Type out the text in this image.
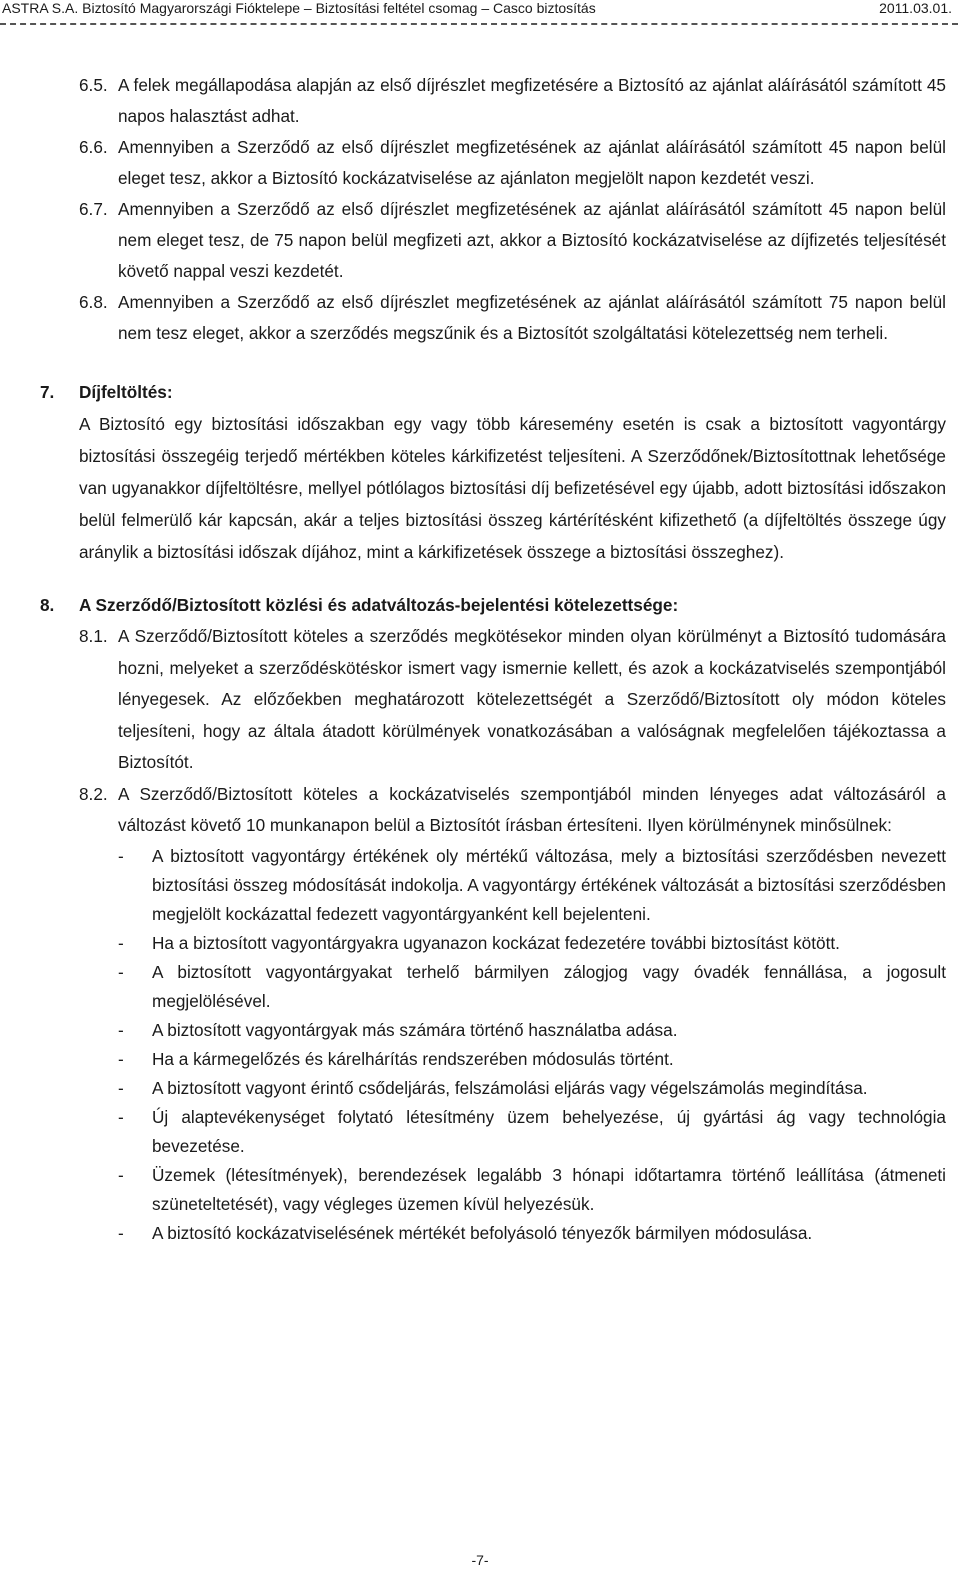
ASTRA S.A. Biztosító Magyarországi Fióktelepe – Biztosítási feltétel csomag – Casco biztosítás	2011.03.01.
6.5. A felek megállapodása alapján az első díjrészlet megfizetésére a Biztosító az ajánlat aláírásától számított 45 napos halasztást adhat.
6.6. Amennyiben a Szerződő az első díjrészlet megfizetésének az ajánlat aláírásától számított 45 napon belül eleget tesz, akkor a Biztosító kockázatviselése az ajánlaton megjelölt napon kezdetét veszi.
6.7. Amennyiben a Szerződő az első díjrészlet megfizetésének az ajánlat aláírásától számított 45 napon belül nem eleget tesz, de 75 napon belül megfizeti azt, akkor a Biztosító kockázatviselése az díjfizetés teljesítését követő nappal veszi kezdetét.
6.8. Amennyiben a Szerződő az első díjrészlet megfizetésének az ajánlat aláírásától számított 75 napon belül nem tesz eleget, akkor a szerződés megszűnik és a Biztosítót szolgáltatási kötelezettség nem terheli.
7. Díjfeltöltés:
A Biztosító egy biztosítási időszakban egy vagy több káresemény esetén is csak a biztosított vagyontárgy biztosítási összegéig terjedő mértékben köteles kárkifizetést teljesíteni. A Szerződőnek/Biztosítottnak lehetősége van ugyanakkor díjfeltöltésre, mellyel pótlólagos biztosítási díj befizetésével egy újabb, adott biztosítási időszakon belül felmerülő kár kapcsán, akár a teljes biztosítási összeg kártérítésként kifizethető (a díjfeltöltés összege úgy aránylik a biztosítási időszak díjához, mint a kárkifizetések összege a biztosítási összeghez).
8. A Szerződő/Biztosított közlési és adatváltozás-bejelentési kötelezettsége:
8.1. A Szerződő/Biztosított köteles a szerződés megkötésekor minden olyan körülményt a Biztosító tudomására hozni, melyeket a szerződéskötéskor ismert vagy ismernie kellett, és azok a kockázatviselés szempontjából lényegesek. Az előzőekben meghatározott kötelezettségét a Szerződő/Biztosított oly módon köteles teljesíteni, hogy az általa átadott körülmények vonatkozásában a valóságnak megfelelően tájékoztassa a Biztosítót.
8.2. A Szerződő/Biztosított köteles a kockázatviselés szempontjából minden lényeges adat változásáról a változást követő 10 munkanapon belül a Biztosítót írásban értesíteni. Ilyen körülménynek minősülnek:
- A biztosított vagyontárgy értékének oly mértékű változása, mely a biztosítási szerződésben nevezett biztosítási összeg módosítását indokolja. A vagyontárgy értékének változását a biztosítási szerződésben megjelölt kockázattal fedezett vagyontárgyanként kell bejelenteni.
- Ha a biztosított vagyontárgyakra ugyanazon kockázat fedezetére további biztosítást kötött.
- A biztosított vagyontárgyakat terhelő bármilyen zálogjog vagy óvadék fennállása, a jogosult megjelölésével.
- A biztosított vagyontárgyak más számára történő használatba adása.
- Ha a kármegelőzés és kárelhárítás rendszerében módosulás történt.
- A biztosított vagyont érintő csődeljárás, felszámolási eljárás vagy végelszámolás megindítása.
- Új alaptevékenységet folytató létesítmény üzem behelyezése, új gyártási ág vagy technológia bevezetése.
- Üzemek (létesítmények), berendezések legalább 3 hónapi időtartamra történő leállítása (átmeneti szüneteltetését), vagy végleges üzemen kívül helyezésük.
- A biztosító kockázatviselésének mértékét befolyásoló tényezők bármilyen módosulása.
-7-
